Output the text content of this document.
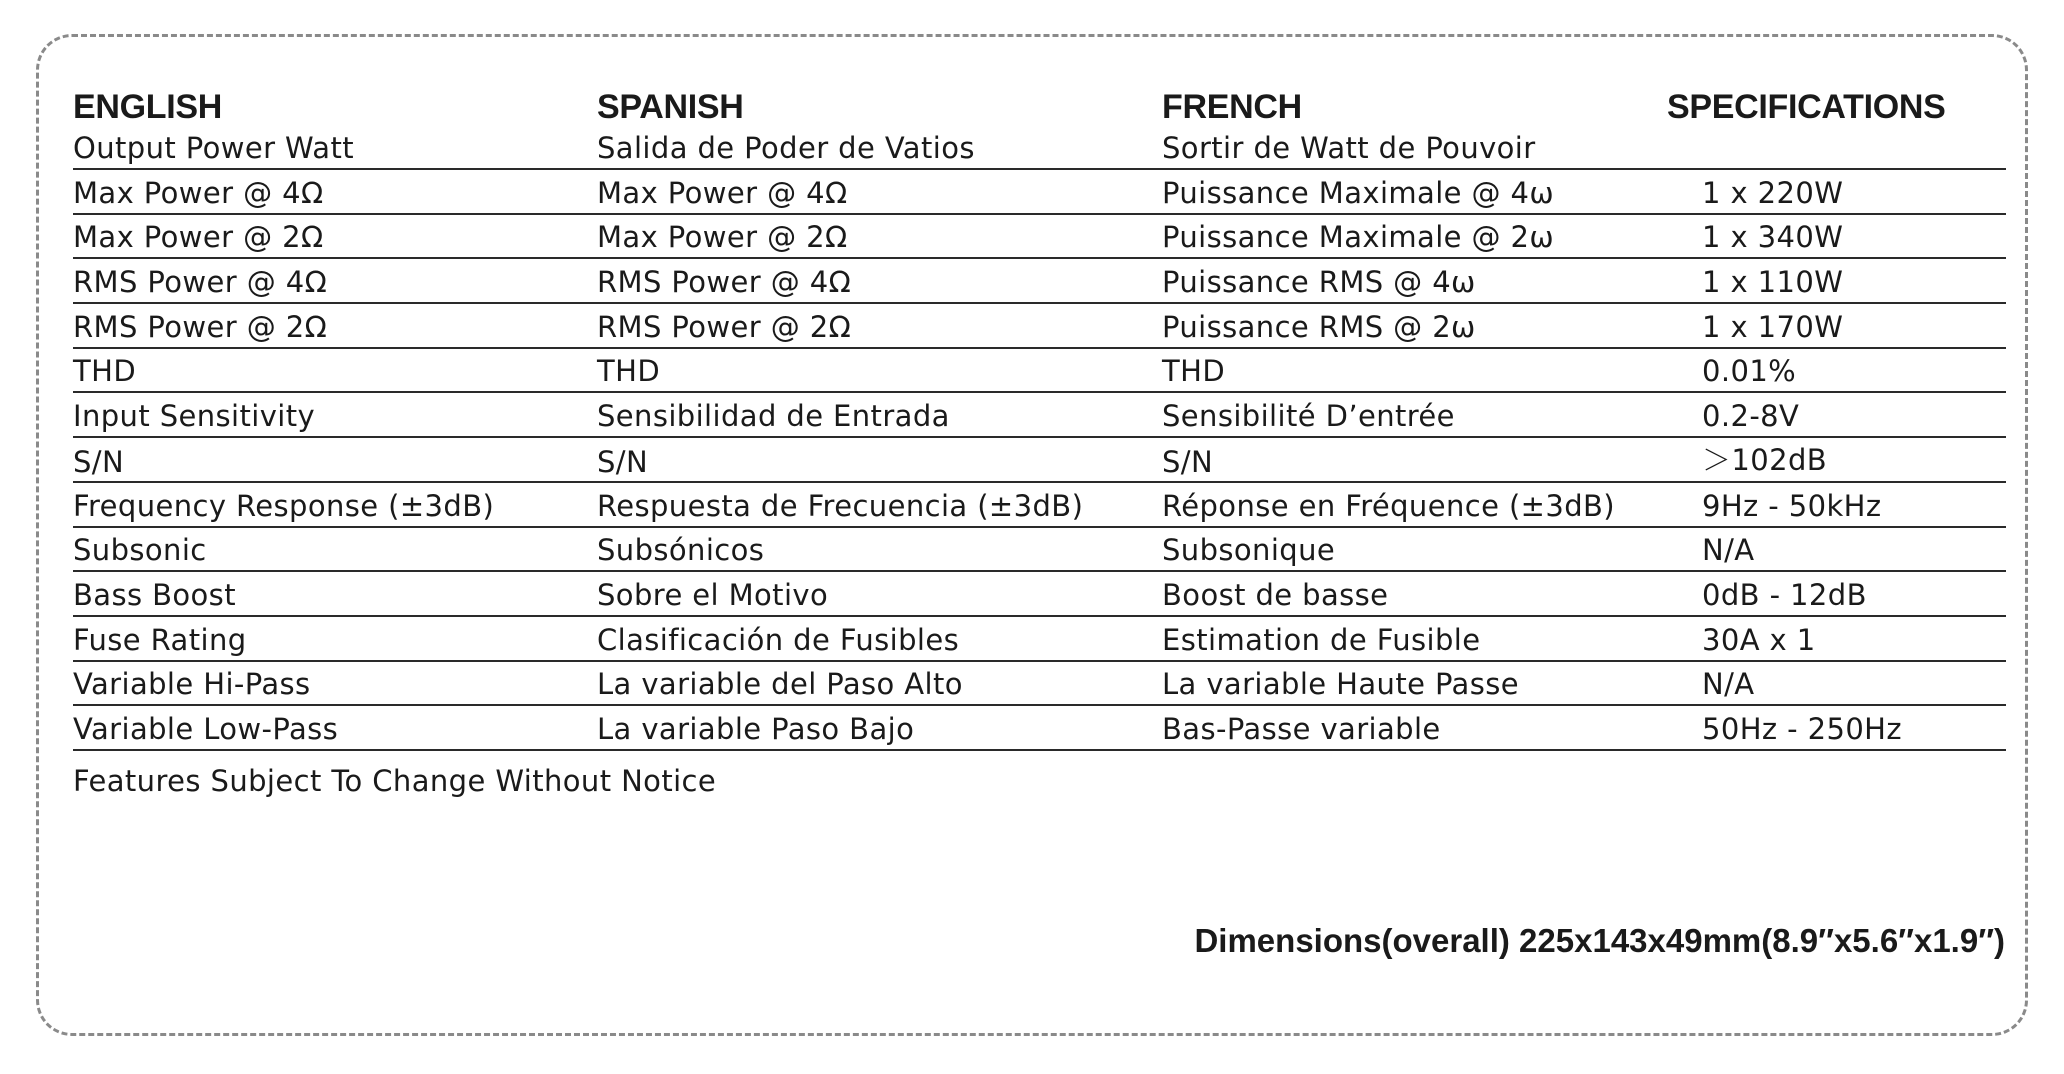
ENGLISH	SPANISH	FRENCH	SPECIFICATIONS
Output Power Watt	Salida de Poder de Vatios	Sortir de Watt de Pouvoir
Max Power @ 4Ω	Max Power @ 4Ω	Puissance Maximale @ 4ω	1 x 220W
Max Power @ 2Ω	Max Power @ 2Ω	Puissance Maximale @ 2ω	1 x 340W
RMS Power @ 4Ω	RMS Power @ 4Ω	Puissance RMS @ 4ω	1 x 110W
RMS Power @ 2Ω	RMS Power @ 2Ω	Puissance RMS @ 2ω	1 x 170W
THD	THD	THD	0.01%
Input Sensitivity	Sensibilidad de Entrada	Sensibilité D’entrée	0.2-8V
S/N	S/N	S/N	＞102dB
Frequency Response (±3dB)	Respuesta de Frecuencia (±3dB)	Réponse en Fréquence (±3dB)	9Hz - 50kHz
Subsonic	Subsónicos	Subsonique	N/A
Bass Boost	Sobre el Motivo	Boost de basse	0dB - 12dB
Fuse Rating	Clasificación de Fusibles	Estimation de Fusible	30A x 1
Variable Hi-Pass	La variable del Paso Alto	La variable Haute Passe	N/A
Variable Low-Pass	La variable Paso Bajo	Bas-Passe variable	50Hz - 250Hz
Features Subject To Change Without Notice
Dimensions(overall) 225x143x49mm(8.9″x5.6″x1.9″)
